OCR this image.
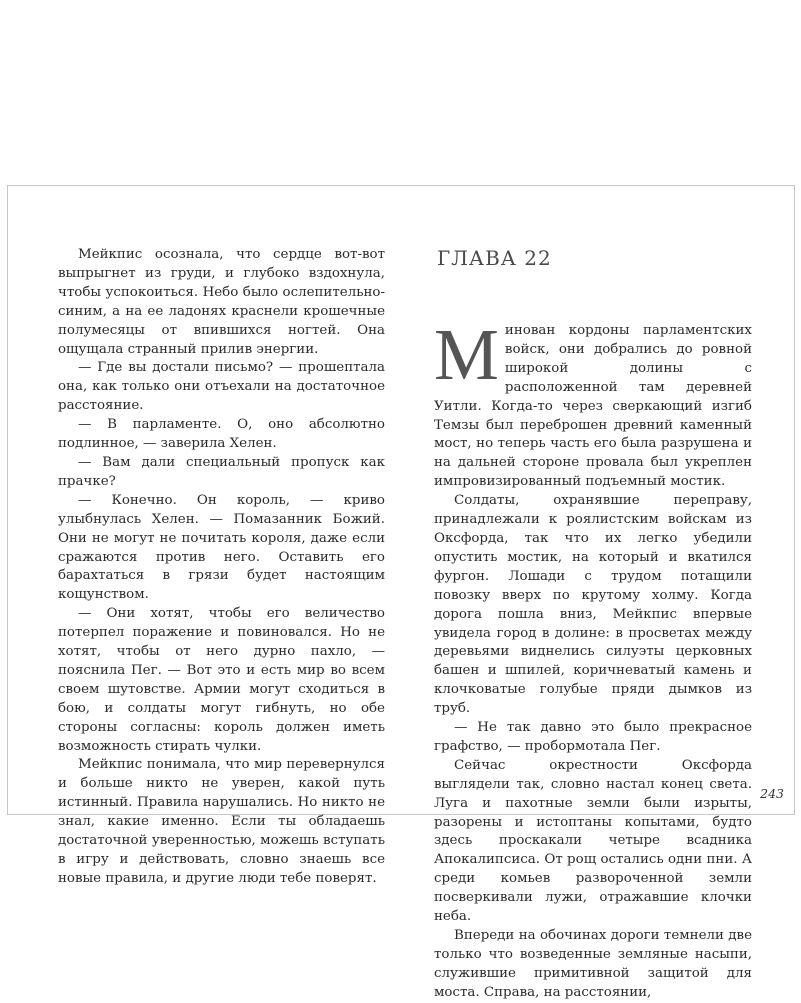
Мейкпис осознала, что сердце вот-вот выпрыгнет из груди, и глубоко вздохнула, чтобы успокоиться. Небо было ослепительно-синим, а на ее ладонях краснели крошечные полумесяцы от впившихся ногтей. Она ощущала странный прилив энергии.

— Где вы достали письмо? — прошептала она, как только они отъехали на достаточное расстояние.

— В парламенте. О, оно абсолютно подлинное, — заверила Хелен.

— Вам дали специальный пропуск как прачке?

— Конечно. Он король, — криво улыбнулась Хелен. — Помазанник Божий. Они не могут не почитать короля, даже если сражаются против него. Оставить его барахтаться в грязи будет настоящим кощунством.

— Они хотят, чтобы его величество потерпел поражение и повиновался. Но не хотят, чтобы от него дурно пахло, — пояснила Пег. — Вот это и есть мир во всем своем шутовстве. Армии могут сходиться в бою, и солдаты могут гибнуть, но обе стороны согласны: король должен иметь возможность стирать чулки.

Мейкпис понимала, что мир перевернулся и больше никто не уверен, какой путь истинный. Правила нарушались. Но никто не знал, какие именно. Если ты обладаешь достаточной уверенностью, можешь вступать в игру и действовать, словно знаешь все новые правила, и другие люди тебе поверят.

ГЛАВА 22

Минован кордоны парламентских войск, они добрались до ровной широкой долины с расположенной там деревней Уитли. Когда-то через сверкающий изгиб Темзы был переброшен древний каменный мост, но теперь часть его была разрушена и на дальней стороне провала был укреплен импровизированный подъемный мостик.

Солдаты, охранявшие переправу, принадлежали к роялистским войскам из Оксфорда, так что их легко убедили опустить мостик, на который и вкатился фургон. Лошади с трудом потащили повозку вверх по крутому холму. Когда дорога пошла вниз, Мейкпис впервые увидела город в долине: в просветах между деревьями виднелись силуэты церковных башен и шпилей, коричневатый камень и клочковатые голубые пряди дымков из труб.

— Не так давно это было прекрасное графство, — пробормотала Пег.

Сейчас окрестности Оксфорда выглядели так, словно настал конец света. Луга и пахотные земли были изрыты, разорены и истоптаны копытами, будто здесь проскакали четыре всадника Апокалипсиса. От рощ остались одни пни. А среди комьев развороченной земли посверкивали лужи, отражавшие клочки неба.

Впереди на обочинах дороги темнели две только что возведенные земляные насыпи, служившие примитивной защитой для моста. Справа, на расстоянии,

243
